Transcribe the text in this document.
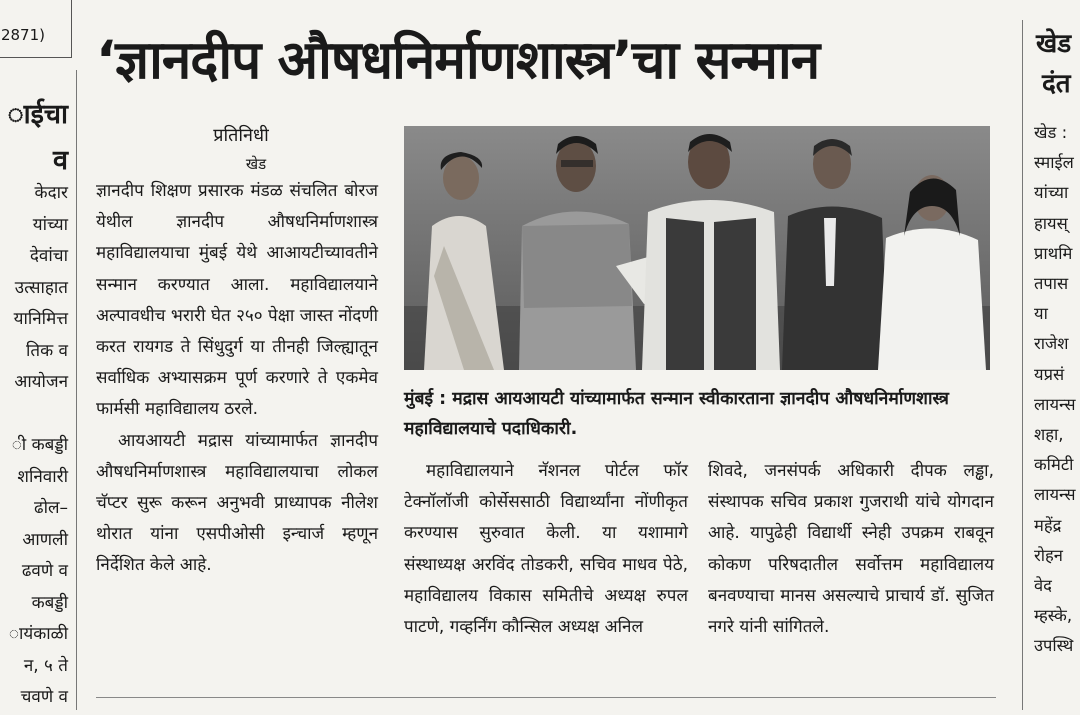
2871)
ाईचा
व
केदार
यांच्या
देवांचा
उत्साहात
यानिमित्त
तिक व
आयोजन

ी कबड्डी
शनिवारी
ढोल–
आणली
ढवणे व
कबड्डी
ायंकाळी
न, ५ ते
चवणे व
‘ज्ञानदीप औषधनिर्माणशास्त्र’चा सन्मान
प्रतिनिधी
खेड

ज्ञानदीप शिक्षण प्रसारक मंडळ संचलित बोरज येथील ज्ञानदीप औषधनिर्माणशास्त्र महाविद्यालयाचा मुंबई येथे आआयटीच्यावतीने सन्मान करण्यात आला. महाविद्यालयाने अल्पावधीच भरारी घेत २५० पेक्षा जास्त नोंदणी करत रायगड ते सिंधुदुर्ग या तीनही जिल्ह्यातून सर्वाधिक अभ्यासक्रम पूर्ण करणारे ते एकमेव फार्मसी महाविद्यालय ठरले.

आयआयटी मद्रास यांच्यामार्फत ज्ञानदीप औषधनिर्माणशास्त्र महाविद्यालयाचा लोकल चॅप्टर सुरू करून अनुभवी प्राध्यापक नीलेश थोरात यांना एसपीओसी इन्चार्ज म्हणून निर्देशित केले आहे.

मुंबई : मद्रास आयआयटी यांच्यामार्फत सन्मान स्वीकारताना ज्ञानदीप औषधनिर्माणशास्त्र महाविद्यालयाचे पदाधिकारी.

महाविद्यालयाने नॅशनल पोर्टल फॉर टेक्नॉलॉजी कोर्सेससाठी विद्यार्थ्यांना नोंणीकृत करण्यास सुरुवात केली. या यशामागे संस्थाध्यक्ष अरविंद तोडकरी, सचिव माधव पेठे, महाविद्यालय विकास समितीचे अध्यक्ष रुपल पाटणे, गव्हर्निंग कौन्सिल अध्यक्ष अनिल

शिवदे, जनसंपर्क अधिकारी दीपक लड्ढा, संस्थापक सचिव प्रकाश गुजराथी यांचे योगदान आहे. यापुढेही विद्यार्थी स्नेही उपक्रम राबवून कोकण परिषदातील सर्वोत्तम महाविद्यालय बनवण्याचा मानस असल्याचे प्राचार्य डॉ. सुजित नगरे यांनी सांगितले.

खेड
दंत
खेड :
स्माईल
यांच्या
हायस्
प्राथमि
तपास
या
राजेश
यप्रसं
लायन्स
शहा,
कमिटी
लायन्स
महेंद्र
रोहन
वेद
म्हस्के,
उपस्थि
